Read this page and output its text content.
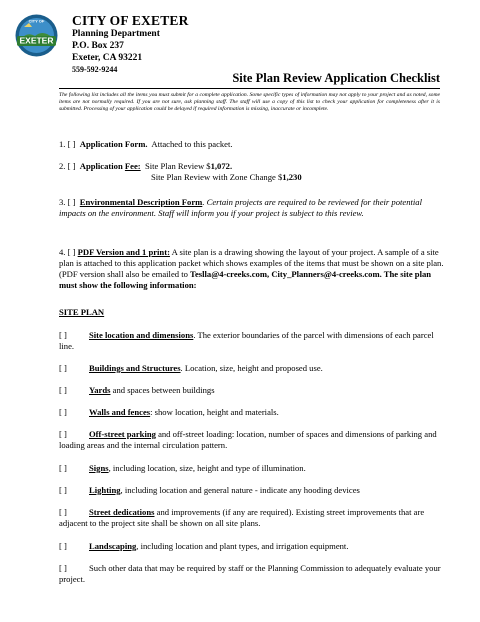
EXETER
CITY OF CITY OF EXETER
Planning Department
P.O. Box 237
Exeter, CA 93221
559-592-9244
Site Plan Review Application Checklist
The following list includes all the items you must submit for a complete application. Some specific types of information may not apply to your project and as noted, some items are not normally required. If you are not sure, ask planning staff. The staff will use a copy of this list to check your application for completeness after it is submitted. Processing of your application could be delayed if required information is missing, inaccurate or incomplete.
1. [ ] Application Form. Attached to this packet.
2. [ ] Application Fee: Site Plan Review $1,072.
Site Plan Review with Zone Change $1,230
3. [ ] Environmental Description Form. Certain projects are required to be reviewed for their potential impacts on the environment. Staff will inform you if your project is subject to this review.
4. [ ] PDF Version and 1 print: A site plan is a drawing showing the layout of your project. A sample of a site plan is attached to this application packet which shows examples of the items that must be shown on a site plan. (PDF version shall also be emailed to Teslla@4-creeks.com, City_Planners@4-creeks.com. The site plan must show the following information:
SITE PLAN
[ ]	Site location and dimensions. The exterior boundaries of the parcel with dimensions of each parcel line.
[ ]	Buildings and Structures. Location, size, height and proposed use.
[ ]	Yards and spaces between buildings
[ ]	Walls and fences: show location, height and materials.
[ ]	Off-street parking and off-street loading: location, number of spaces and dimensions of parking and loading areas and the internal circulation pattern.
[ ]	Signs, including location, size, height and type of illumination.
[ ]	Lighting, including location and general nature - indicate any hooding devices
[ ]	Street dedications and improvements (if any are required). Existing street improvements that are adjacent to the project site shall be shown on all site plans.
[ ]	Landscaping, including location and plant types, and irrigation equipment.
[ ]	Such other data that may be required by staff or the Planning Commission to adequately evaluate your project.
